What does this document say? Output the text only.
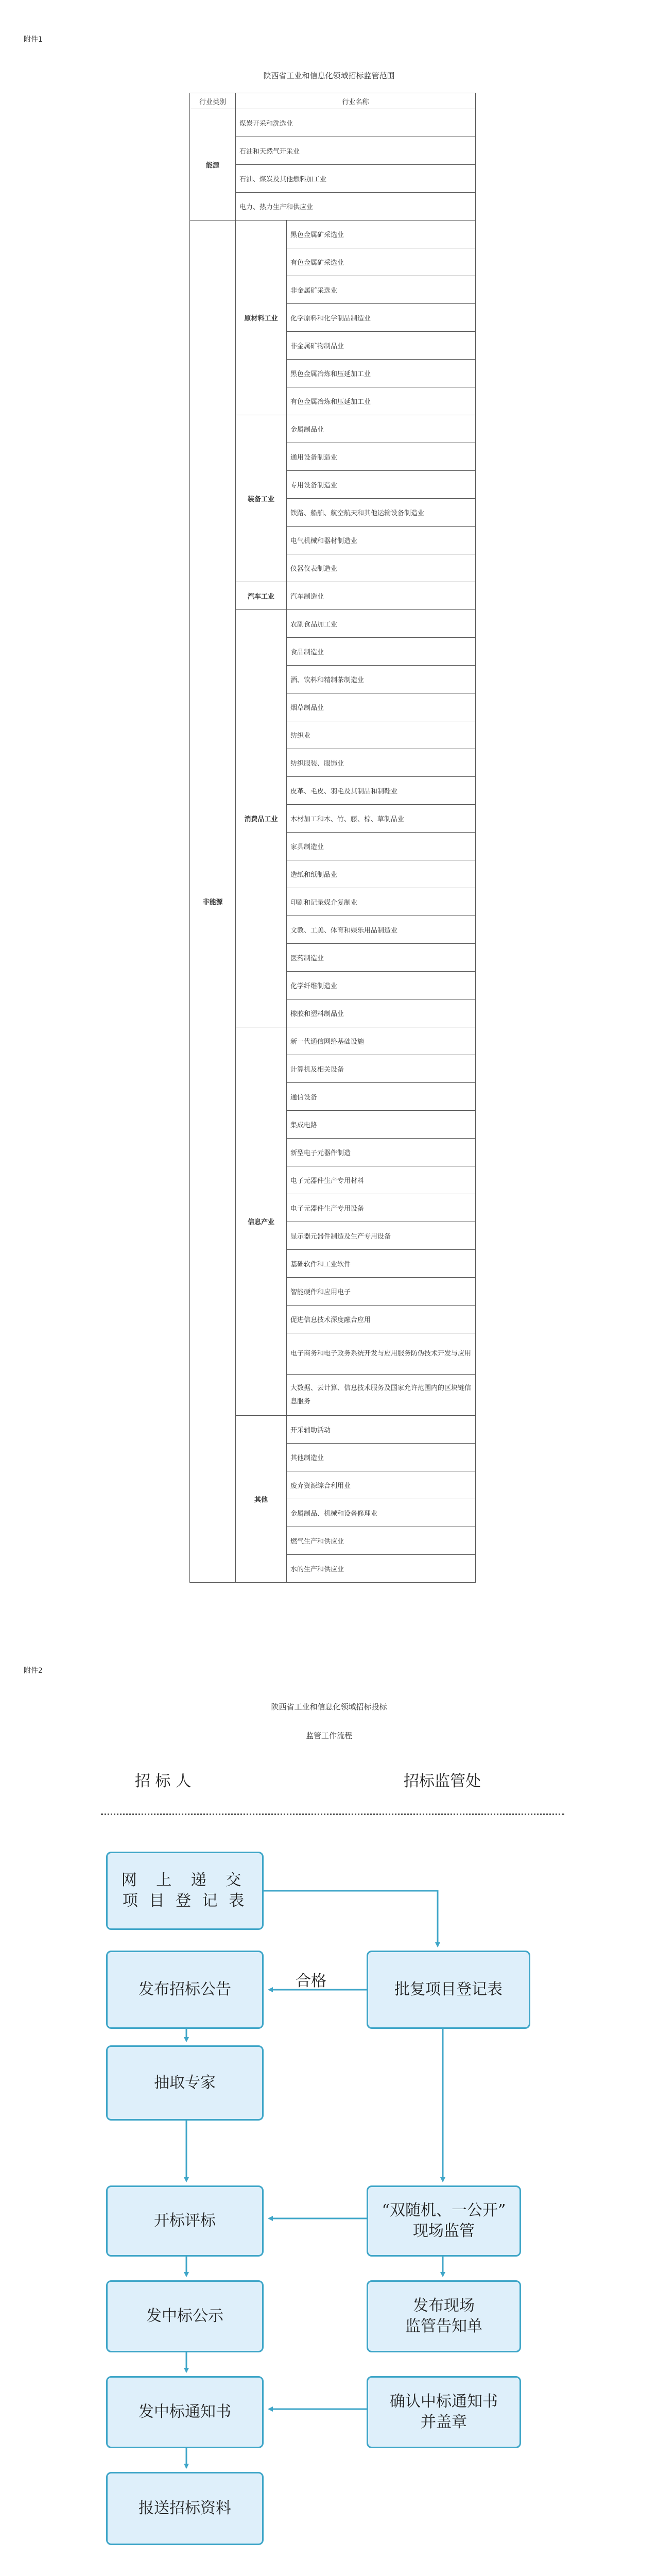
附件1
陕西省工业和信息化领域招标监管范围
行业类别	行业名称	
能源	煤炭开采和洗选业	
	石油和天然气开采业	
	石油、煤炭及其他燃料加工业	
	电力、热力生产和供应业	
非能源	原材料工业	黑色金属矿采选业
		有色金属矿采选业
		非金属矿采选业
		化学原料和化学制品制造业
		非金属矿物制品业
		黑色金属冶炼和压延加工业
		有色金属冶炼和压延加工业
	装备工业	金属制品业
		通用设备制造业
		专用设备制造业
		铁路、船舶、航空航天和其他运输设备制造业
		电气机械和器材制造业
		仪器仪表制造业
	汽车工业	汽车制造业
	消费品工业	农副食品加工业
		食品制造业
		酒、饮料和精制茶制造业
		烟草制品业
		纺织业
		纺织服装、服饰业
		皮革、毛皮、羽毛及其制品和制鞋业
		木材加工和木、竹、藤、棕、草制品业
		家具制造业
		造纸和纸制品业
		印刷和记录媒介复制业
		文教、工美、体育和娱乐用品制造业
		医药制造业
		化学纤维制造业
		橡胶和塑料制品业
	信息产业	新一代通信网络基础设施
		计算机及相关设备
		通信设备
		集成电路
		新型电子元器件制造
		电子元器件生产专用材料
		电子元器件生产专用设备
		显示器元器件制造及生产专用设备
		基础软件和工业软件
		智能硬件和应用电子
		促进信息技术深度融合应用
		电子商务和电子政务系统开发与应用服务防伪技术开发与应用
		大数据、云计算、信息技术服务及国家允许范围内的区块链信息服务
	其他	开采辅助活动
		其他制造业
		废弃资源综合利用业
		金属制品、机械和设备修理业
		燃气生产和供应业
		水的生产和供应业
附件2
陕西省工业和信息化领域招标投标
监管工作流程
招 标 人	招标监管处
合格
网 上 递 交
项 目 登 记 表
发布招标公告	批复项目登记表
抽取专家
开标评标
“双随机、一公开”
现场监管
发中标公示
发布现场
监管告知单
发中标通知书
确认中标通知书
并盖章
报送招标资料
